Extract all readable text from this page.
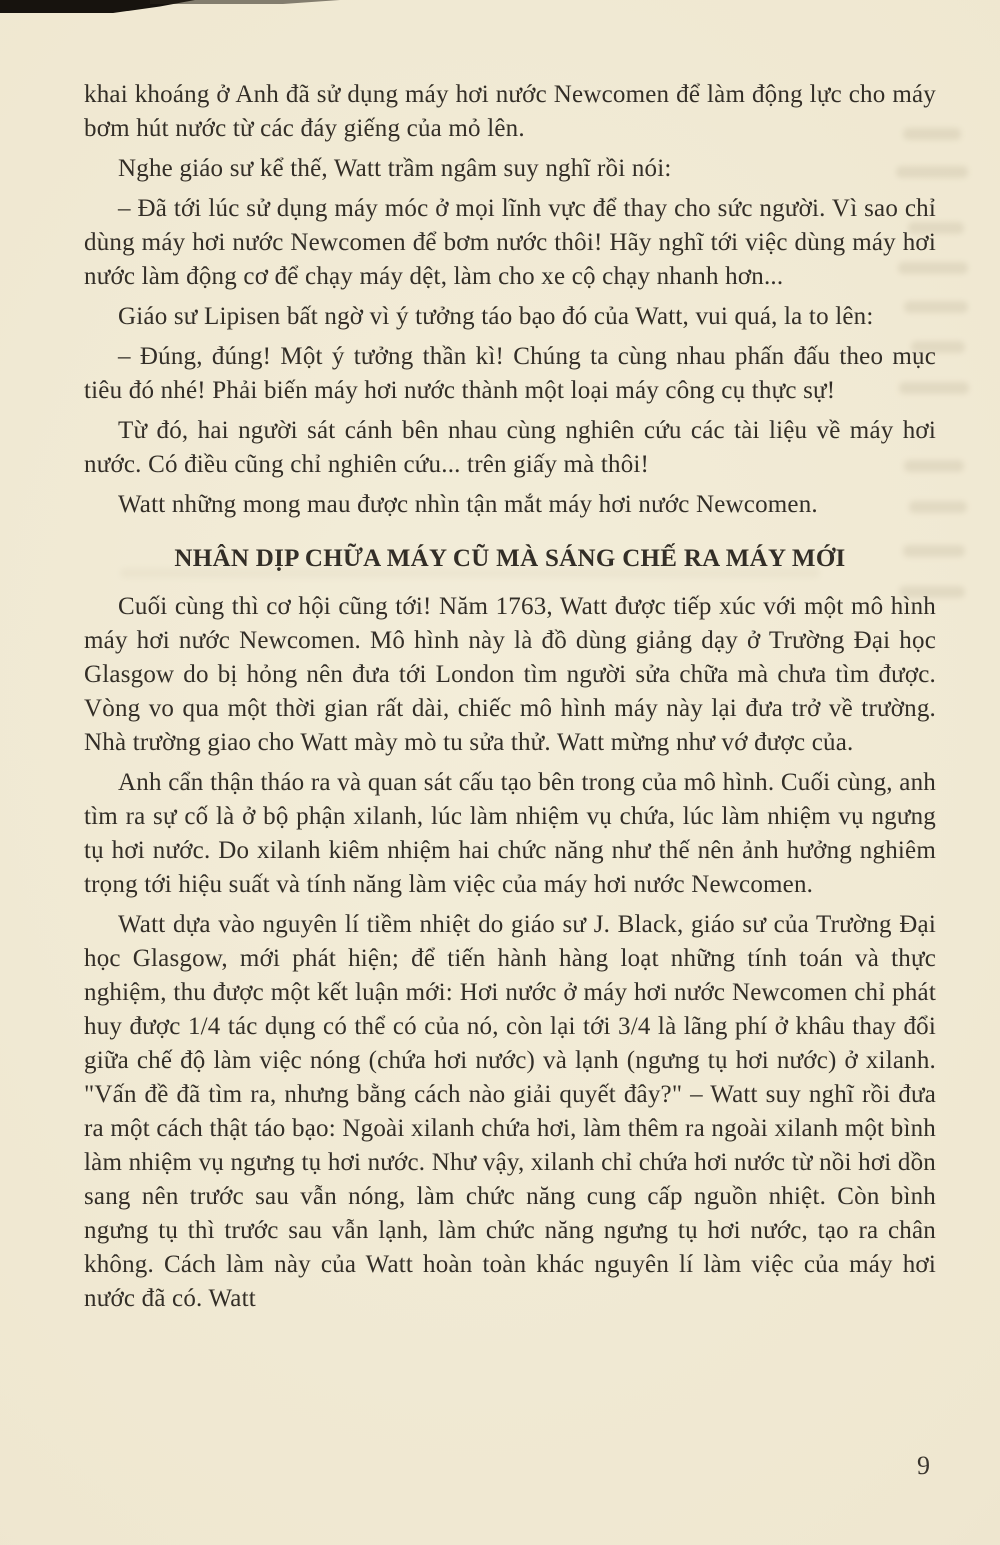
khai khoáng ở Anh đã sử dụng máy hơi nước Newcomen để làm động lực cho máy bơm hút nước từ các đáy giếng của mỏ lên.

Nghe giáo sư kể thế, Watt trầm ngâm suy nghĩ rồi nói:

– Đã tới lúc sử dụng máy móc ở mọi lĩnh vực để thay cho sức người. Vì sao chỉ dùng máy hơi nước Newcomen để bơm nước thôi! Hãy nghĩ tới việc dùng máy hơi nước làm động cơ để chạy máy dệt, làm cho xe cộ chạy nhanh hơn...

Giáo sư Lipisen bất ngờ vì ý tưởng táo bạo đó của Watt, vui quá, la to lên:

– Đúng, đúng! Một ý tưởng thần kì! Chúng ta cùng nhau phấn đấu theo mục tiêu đó nhé! Phải biến máy hơi nước thành một loại máy công cụ thực sự!

Từ đó, hai người sát cánh bên nhau cùng nghiên cứu các tài liệu về máy hơi nước. Có điều cũng chỉ nghiên cứu... trên giấy mà thôi!

Watt những mong mau được nhìn tận mắt máy hơi nước Newcomen.

NHÂN DỊP CHỮA MÁY CŨ MÀ SÁNG CHẾ RA MÁY MỚI

Cuối cùng thì cơ hội cũng tới! Năm 1763, Watt được tiếp xúc với một mô hình máy hơi nước Newcomen. Mô hình này là đồ dùng giảng dạy ở Trường Đại học Glasgow do bị hỏng nên đưa tới London tìm người sửa chữa mà chưa tìm được. Vòng vo qua một thời gian rất dài, chiếc mô hình máy này lại đưa trở về trường. Nhà trường giao cho Watt mày mò tu sửa thử. Watt mừng như vớ được của.

Anh cẩn thận tháo ra và quan sát cấu tạo bên trong của mô hình. Cuối cùng, anh tìm ra sự cố là ở bộ phận xilanh, lúc làm nhiệm vụ chứa, lúc làm nhiệm vụ ngưng tụ hơi nước. Do xilanh kiêm nhiệm hai chức năng như thế nên ảnh hưởng nghiêm trọng tới hiệu suất và tính năng làm việc của máy hơi nước Newcomen.

Watt dựa vào nguyên lí tiềm nhiệt do giáo sư J. Black, giáo sư của Trường Đại học Glasgow, mới phát hiện; để tiến hành hàng loạt những tính toán và thực nghiệm, thu được một kết luận mới: Hơi nước ở máy hơi nước Newcomen chỉ phát huy được 1/4 tác dụng có thể có của nó, còn lại tới 3/4 là lãng phí ở khâu thay đổi giữa chế độ làm việc nóng (chứa hơi nước) và lạnh (ngưng tụ hơi nước) ở xilanh. "Vấn đề đã tìm ra, nhưng bằng cách nào giải quyết đây?" – Watt suy nghĩ rồi đưa ra một cách thật táo bạo: Ngoài xilanh chứa hơi, làm thêm ra ngoài xilanh một bình làm nhiệm vụ ngưng tụ hơi nước. Như vậy, xilanh chỉ chứa hơi nước từ nồi hơi dồn sang nên trước sau vẫn nóng, làm chức năng cung cấp nguồn nhiệt. Còn bình ngưng tụ thì trước sau vẫn lạnh, làm chức năng ngưng tụ hơi nước, tạo ra chân không. Cách làm này của Watt hoàn toàn khác nguyên lí làm việc của máy hơi nước đã có. Watt

9
